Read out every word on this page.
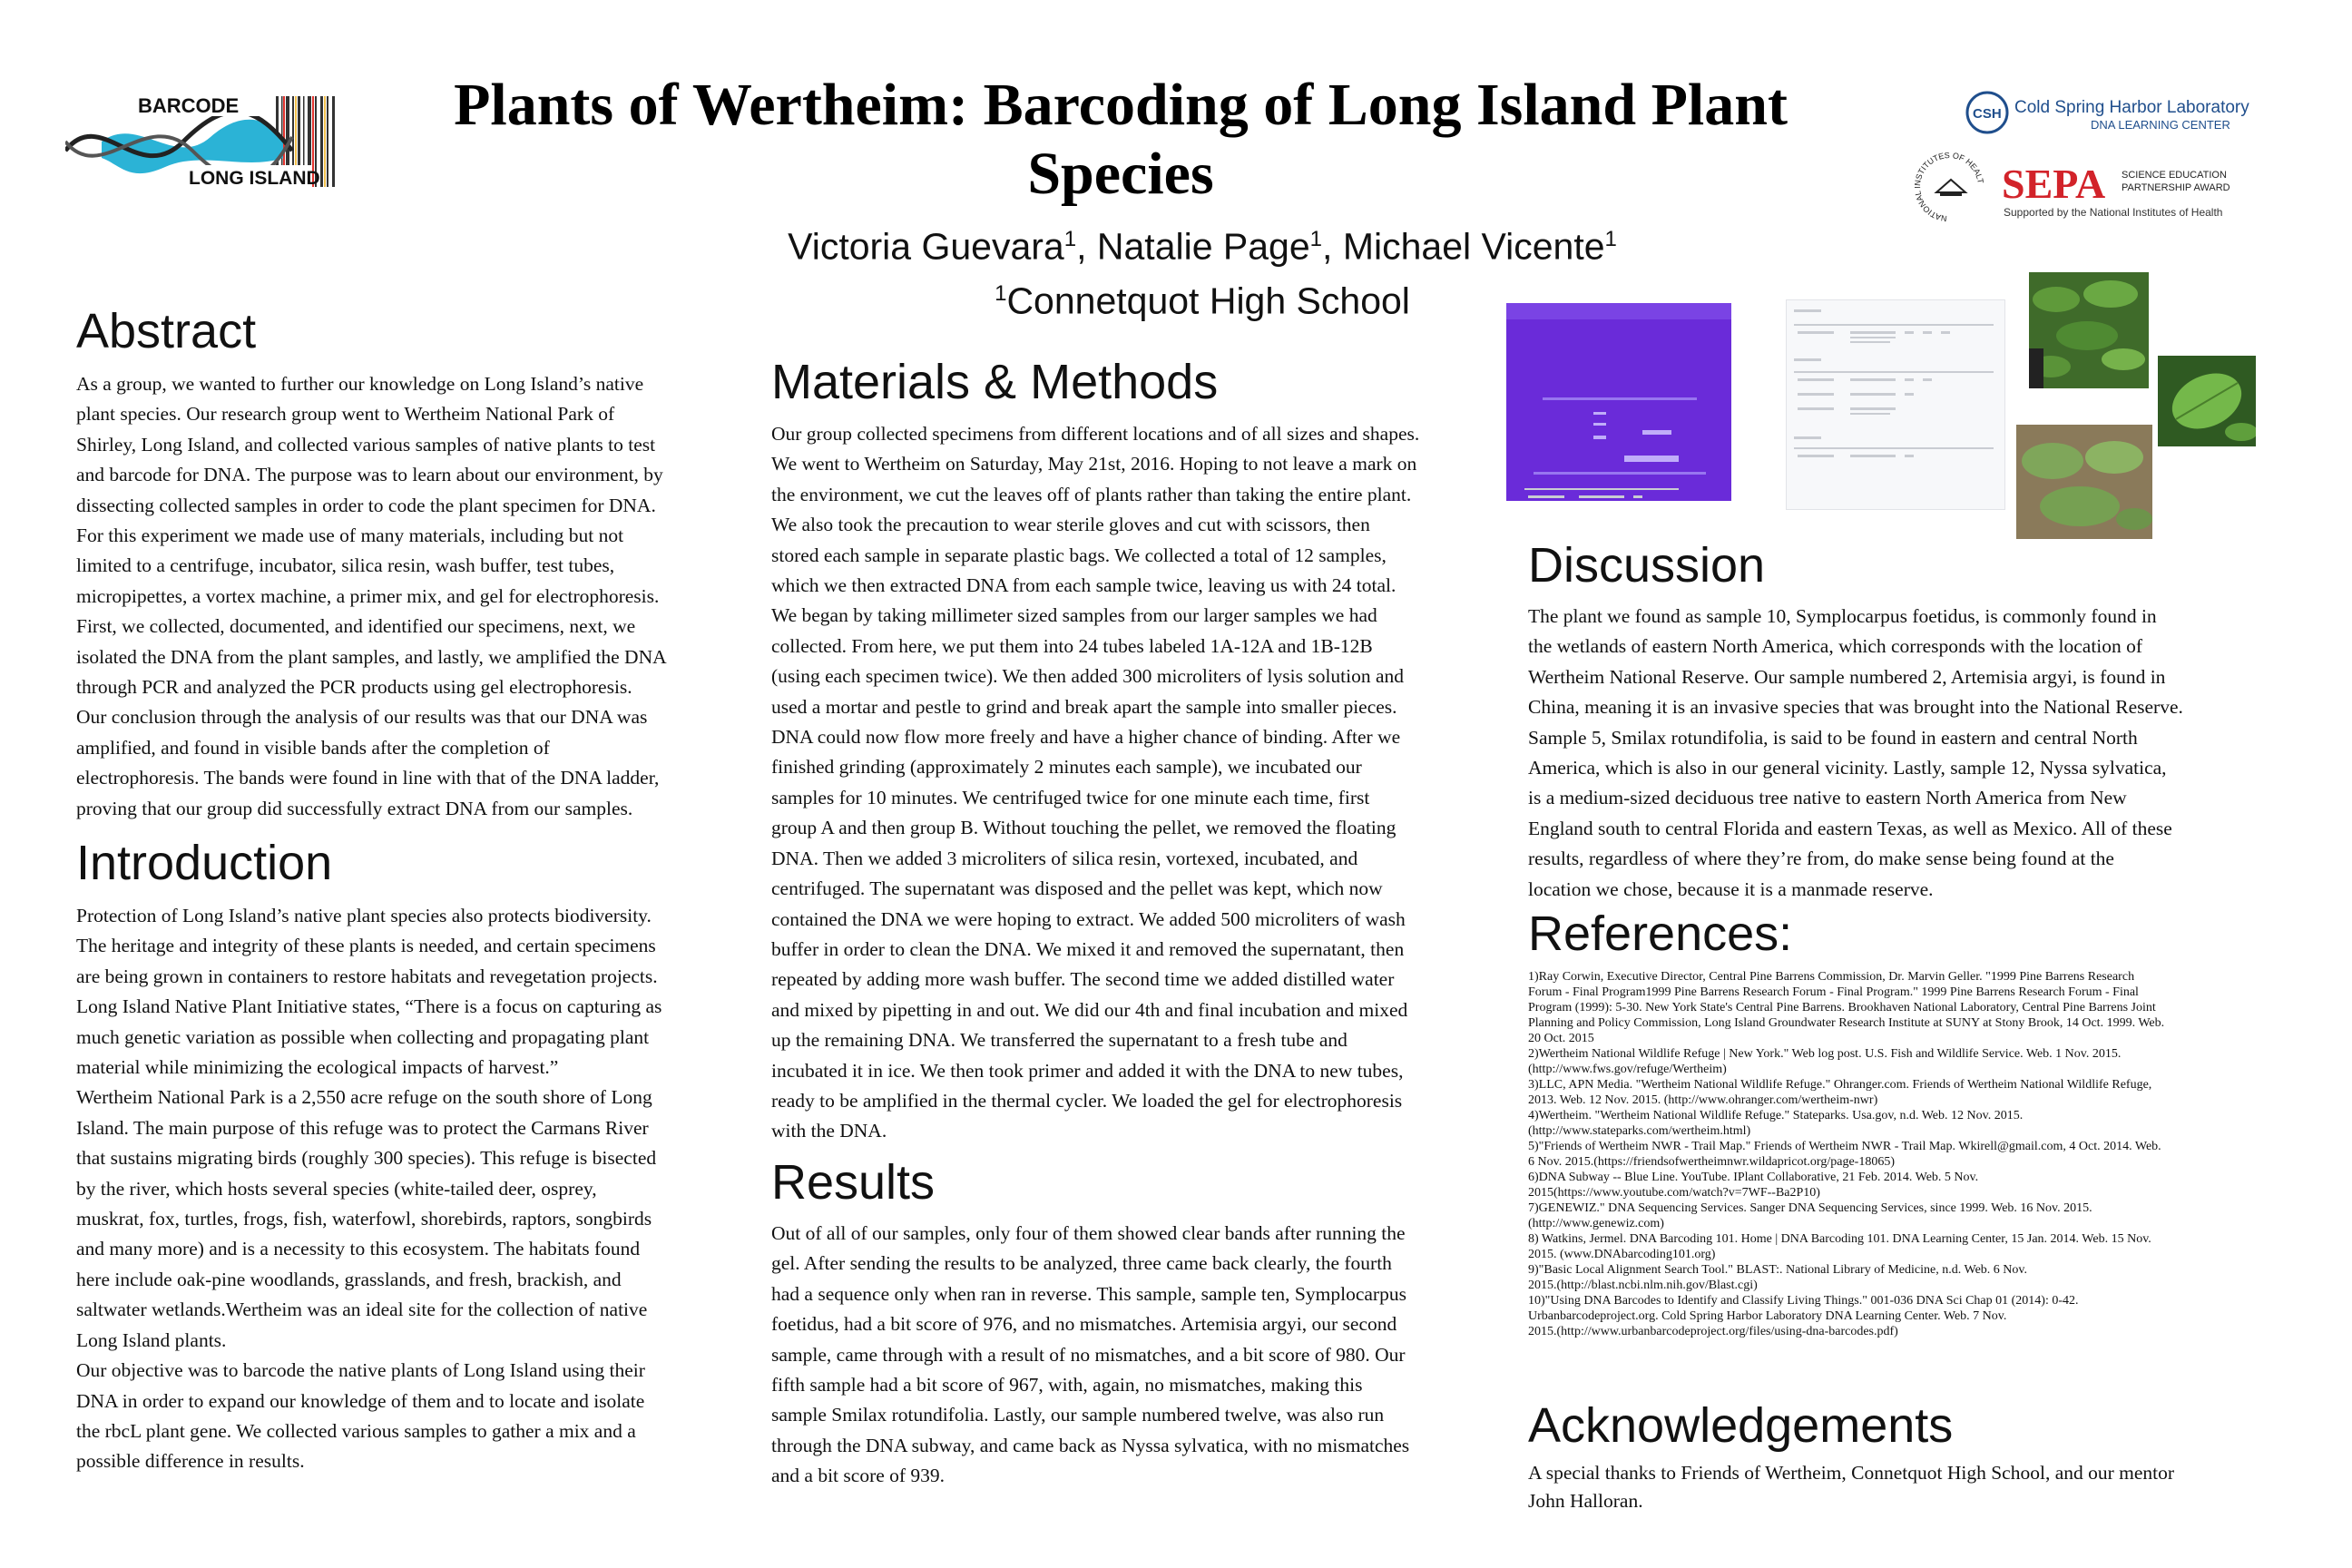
BARCODE
LONG ISLAND
CSH Cold Spring Harbor Laboratory
DNA LEARNING CENTER
NATIONA STITUTES OF HEALT SEPA SCIENCE EDUCATION
PARTNERSHIP AWARD
Supported by the National Institutes of Health
Plants of Wertheim: Barcoding of Long Island Plant
Species
Victoria Guevara$^1$, Natalie Page$^1$, Michael Vicente$^1$
$^1$Connetquot High School
Abstract

As a group, we wanted to further our knowledge on Long Island’s native

plant species. Our research group went to Wertheim National Park of

Shirley, Long Island, and collected various samples of native plants to test

and barcode for DNA. The purpose was to learn about our environment, by

dissecting collected samples in order to code the plant specimen for DNA.

For this experiment we made use of many materials, including but not

limited to a centrifuge, incubator, silica resin, wash buffer, test tubes,

micropipettes, a vortex machine, a primer mix, and gel for electrophoresis.

First, we collected, documented, and identified our specimens, next, we

isolated the DNA from the plant samples, and lastly, we amplified the DNA

through PCR and analyzed the PCR products using gel electrophoresis.

Our conclusion through the analysis of our results was that our DNA was

amplified, and found in visible bands after the completion of

electrophoresis. The bands were found in line with that of the DNA ladder,

proving that our group did successfully extract DNA from our samples.

Introduction

Protection of Long Island’s native plant species also protects biodiversity.

The heritage and integrity of these plants is needed, and certain specimens

are being grown in containers to restore habitats and revegetation projects.

Long Island Native Plant Initiative states, “There is a focus on capturing as

much genetic variation as possible when collecting and propagating plant

material while minimizing the ecological impacts of harvest.”

Wertheim National Park is a 2,550 acre refuge on the south shore of Long

Island. The main purpose of this refuge was to protect the Carmans River

that sustains migrating birds (roughly 300 species). This refuge is bisected

by the river, which hosts several species (white-tailed deer, osprey,

muskrat, fox, turtles, frogs, fish, waterfowl, shorebirds, raptors, songbirds

and many more) and is a necessity to this ecosystem. The habitats found

here include oak-pine woodlands, grasslands, and fresh, brackish, and

saltwater wetlands.Wertheim was an ideal site for the collection of native

Long Island plants.

Our objective was to barcode the native plants of Long Island using their

DNA in order to expand our knowledge of them and to locate and isolate

the rbcL plant gene. We collected various samples to gather a mix and a

possible difference in results.

Materials & Methods

Our group collected specimens from different locations and of all sizes and shapes.

We went to Wertheim on Saturday, May 21st, 2016. Hoping to not leave a mark on

the environment, we cut the leaves off of plants rather than taking the entire plant.

We also took the precaution to wear sterile gloves and cut with scissors, then

stored each sample in separate plastic bags. We collected a total of 12 samples,

which we then extracted DNA from each sample twice, leaving us with 24 total.

We began by taking millimeter sized samples from our larger samples we had

collected. From here, we put them into 24 tubes labeled 1A-12A and 1B-12B

(using each specimen twice). We then added 300 microliters of lysis solution and

used a mortar and pestle to grind and break apart the sample into smaller pieces.

DNA could now flow more freely and have a higher chance of binding. After we

finished grinding (approximately 2 minutes each sample), we incubated our

samples for 10 minutes. We centrifuged twice for one minute each time, first

group A and then group B. Without touching the pellet, we removed the floating

DNA. Then we added 3 microliters of silica resin, vortexed, incubated, and

centrifuged. The supernatant was disposed and the pellet was kept, which now

contained the DNA we were hoping to extract. We added 500 microliters of wash

buffer in order to clean the DNA. We mixed it and removed the supernatant, then

repeated by adding more wash buffer. The second time we added distilled water

and mixed by pipetting in and out. We did our 4th and final incubation and mixed

up the remaining DNA. We transferred the supernatant to a fresh tube and

incubated it in ice. We then took primer and added it with the DNA to new tubes,

ready to be amplified in the thermal cycler. We loaded the gel for electrophoresis

with the DNA.

Results

Out of all of our samples, only four of them showed clear bands after running the

gel. After sending the results to be analyzed, three came back clearly, the fourth

had a sequence only when ran in reverse. This sample, sample ten, Symplocarpus

foetidus, had a bit score of 976, and no mismatches. Artemisia argyi, our second

sample, came through with a result of no mismatches, and a bit score of 980. Our

fifth sample had a bit score of 967, with, again, no mismatches, making this

sample Smilax rotundifolia. Lastly, our sample numbered twelve, was also run

through the DNA subway, and came back as Nyssa sylvatica, with no mismatches

and a bit score of 939.

Discussion

The plant we found as sample 10, Symplocarpus foetidus, is commonly found in

the wetlands of eastern North America, which corresponds with the location of

Wertheim National Reserve. Our sample numbered 2, Artemisia argyi, is found in

China, meaning it is an invasive species that was brought into the National Reserve.

Sample 5, Smilax rotundifolia, is said to be found in eastern and central North

America, which is also in our general vicinity. Lastly, sample 12, Nyssa sylvatica,

is a medium-sized deciduous tree native to eastern North America from New

England south to central Florida and eastern Texas, as well as Mexico. All of these

results, regardless of where they’re from, do make sense being found at the

location we chose, because it is a manmade reserve.

References:
1)Ray Corwin, Executive Director, Central Pine Barrens Commission, Dr. Marvin Geller. "1999 Pine Barrens Research
Forum - Final Program1999 Pine Barrens Research Forum - Final Program." 1999 Pine Barrens Research Forum - Final
Program (1999): 5-30. New York State's Central Pine Barrens. Brookhaven National Laboratory, Central Pine Barrens Joint
Planning and Policy Commission, Long Island Groundwater Research Institute at SUNY at Stony Brook, 14 Oct. 1999. Web.
20 Oct. 2015
2)Wertheim National Wildlife Refuge | New York." Web log post. U.S. Fish and Wildlife Service. Web. 1 Nov. 2015.
(http://www.fws.gov/refuge/Wertheim)
3)LLC, APN Media. "Wertheim National Wildlife Refuge." Ohranger.com. Friends of Wertheim National Wildlife Refuge,
2013. Web. 12 Nov. 2015. (http://www.ohranger.com/wertheim-nwr)
4)Wertheim. "Wertheim National Wildlife Refuge." Stateparks. Usa.gov, n.d. Web. 12 Nov. 2015.
(http://www.stateparks.com/wertheim.html)
5)"Friends of Wertheim NWR - Trail Map." Friends of Wertheim NWR - Trail Map. Wkirell@gmail.com, 4 Oct. 2014. Web.
6 Nov. 2015.(https://friendsofwertheimnwr.wildapricot.org/page-18065)
6)DNA Subway -- Blue Line. YouTube. IPlant Collaborative, 21 Feb. 2014. Web. 5 Nov.
2015(https://www.youtube.com/watch?v=7WF--Ba2P10)
7)GENEWIZ." DNA Sequencing Services. Sanger DNA Sequencing Services, since 1999. Web. 16 Nov. 2015.
(http://www.genewiz.com)
8) Watkins, Jermel. DNA Barcoding 101. Home | DNA Barcoding 101. DNA Learning Center, 15 Jan. 2014. Web. 15 Nov.
2015. (www.DNAbarcoding101.org)
9)"Basic Local Alignment Search Tool." BLAST:. National Library of Medicine, n.d. Web. 6 Nov.
2015.(http://blast.ncbi.nlm.nih.gov/Blast.cgi)
10)"Using DNA Barcodes to Identify and Classify Living Things." 001-036 DNA Sci Chap 01 (2014): 0-42.
Urbanbarcodeproject.org. Cold Spring Harbor Laboratory DNA Learning Center. Web. 7 Nov.
2015.(http://www.urbanbarcodeproject.org/files/using-dna-barcodes.pdf)
Acknowledgements

A special thanks to Friends of Wertheim, Connetquot High School, and our mentor

John Halloran.
